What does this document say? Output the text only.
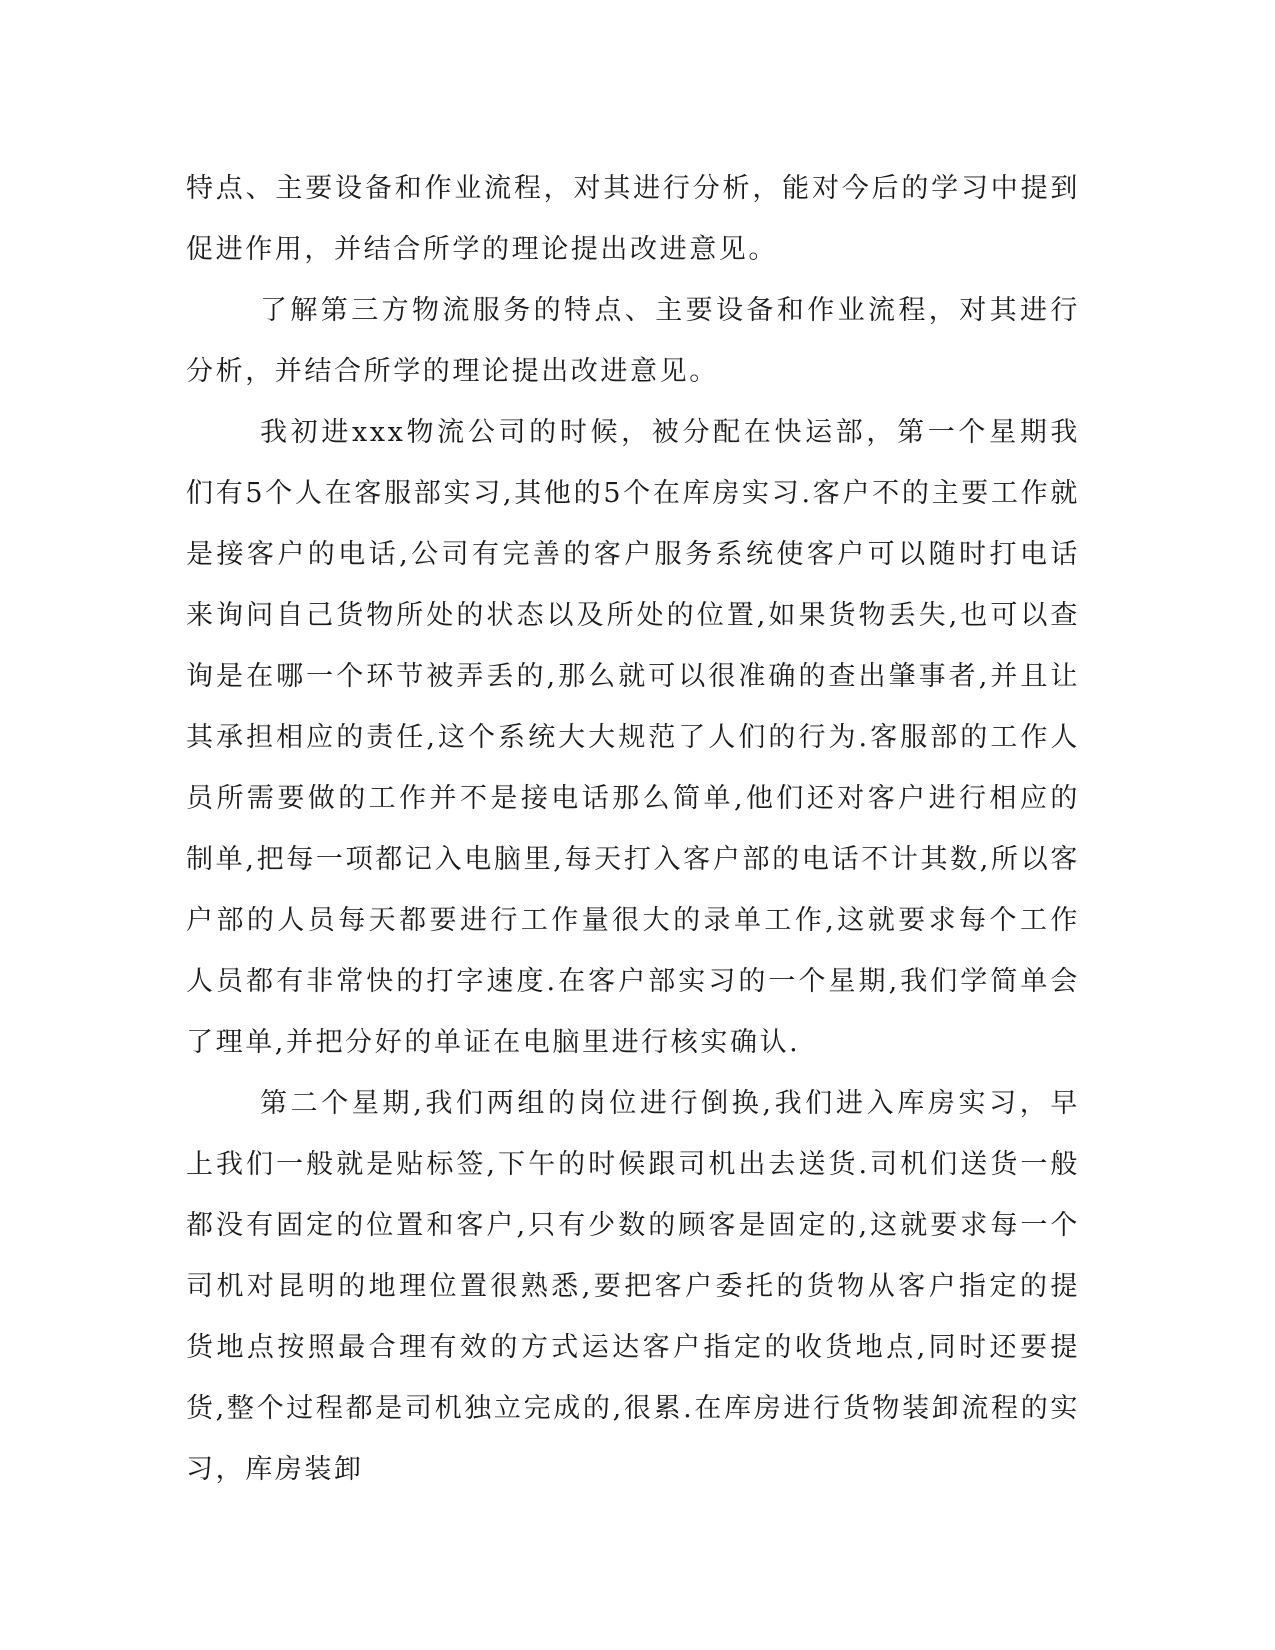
特点、主要设备和作业流程，对其进行分析，能对今后的学习中提到促进作用，并结合所学的理论提出改进意见。

了解第三方物流服务的特点、主要设备和作业流程，对其进行分析，并结合所学的理论提出改进意见。

我初进xxx物流公司的时候，被分配在快运部，第一个星期我们有5个人在客服部实习,其他的5个在库房实习.客户不的主要工作就是接客户的电话,公司有完善的客户服务系统使客户可以随时打电话来询问自己货物所处的状态以及所处的位置,如果货物丢失,也可以查询是在哪一个环节被弄丢的,那么就可以很准确的查出肇事者,并且让其承担相应的责任,这个系统大大规范了人们的行为.客服部的工作人员所需要做的工作并不是接电话那么简单,他们还对客户进行相应的制单,把每一项都记入电脑里,每天打入客户部的电话不计其数,所以客户部的人员每天都要进行工作量很大的录单工作,这就要求每个工作人员都有非常快的打字速度.在客户部实习的一个星期,我们学简单会了理单,并把分好的单证在电脑里进行核实确认.

第二个星期,我们两组的岗位进行倒换,我们进入库房实习，早上我们一般就是贴标签,下午的时候跟司机出去送货.司机们送货一般都没有固定的位置和客户,只有少数的顾客是固定的,这就要求每一个司机对昆明的地理位置很熟悉,要把客户委托的货物从客户指定的提货地点按照最合理有效的方式运达客户指定的收货地点,同时还要提货,整个过程都是司机独立完成的,很累.在库房进行货物装卸流程的实习，库房装卸
